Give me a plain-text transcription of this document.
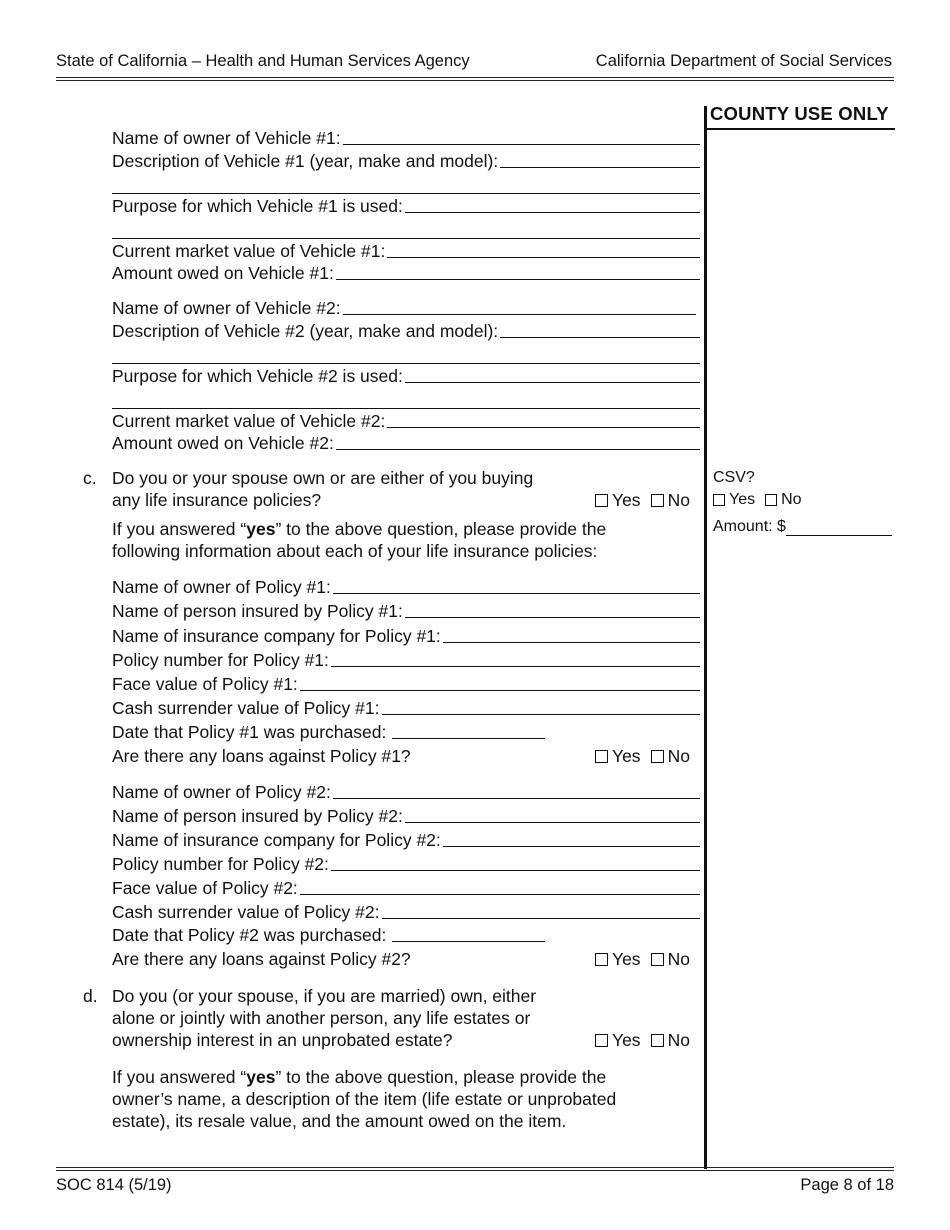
State of California – Health and Human Services Agency	California Department of Social Services
COUNTY USE ONLY
Name of owner of Vehicle #1:
Description of Vehicle #1 (year, make and model):
Purpose for which Vehicle #1 is used:
Current market value of Vehicle #1:
Amount owed on Vehicle #1:
Name of owner of Vehicle #2:
Description of Vehicle #2 (year, make and model):
Purpose for which Vehicle #2 is used:
Current market value of Vehicle #2:
Amount owed on Vehicle #2:
c. Do you or your spouse own or are either of you buying
any life insurance policies?	Yes No
If you answered “yes” to the above question, please provide the
following information about each of your life insurance policies:
CSV?
Yes No
Amount: $
Name of owner of Policy #1:
Name of person insured by Policy #1:
Name of insurance company for Policy #1:
Policy number for Policy #1:
Face value of Policy #1:
Cash surrender value of Policy #1:
Date that Policy #1 was purchased:
Are there any loans against Policy #1?	Yes No
Name of owner of Policy #2:
Name of person insured by Policy #2:
Name of insurance company for Policy #2:
Policy number for Policy #2:
Face value of Policy #2:
Cash surrender value of Policy #2:
Date that Policy #2 was purchased:
Are there any loans against Policy #2?	Yes No
d. Do you (or your spouse, if you are married) own, either
alone or jointly with another person, any life estates or
ownership interest in an unprobated estate?	Yes No
If you answered “yes” to the above question, please provide the
owner’s name, a description of the item (life estate or unprobated
estate), its resale value, and the amount owed on the item.
SOC 814 (5/19)	Page 8 of 18
